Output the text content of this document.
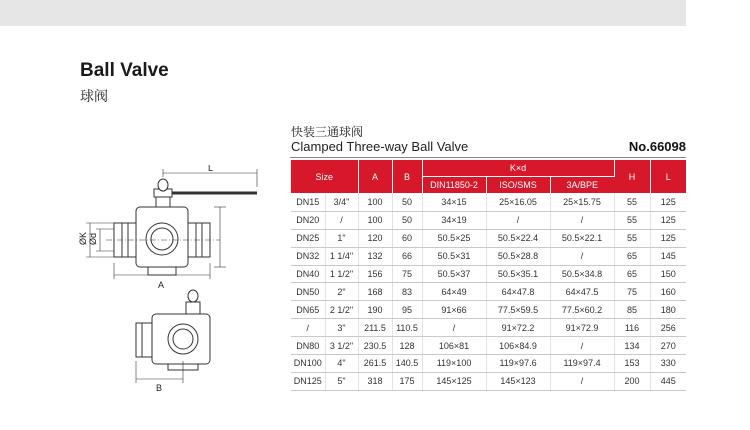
Ball Valve
球阀
快装三通球阀
Clamped Three-way Ball Valve	No.66098
L
A
B
ØK Ød
Size		A	B	K×d			H	L
				DIN11850-2	ISO/SMS	3A/BPE		
DN15	3/4"	100	50	34×15	25×16.05	25×15.75	55	125
DN20	/	100	50	34×19	/	/	55	125
DN25	1"	120	60	50.5×25	50.5×22.4	50.5×22.1	55	125
DN32	1 1/4"	132	66	50.5×31	50.5×28.8	/	65	145
DN40	1 1/2"	156	75	50.5×37	50.5×35.1	50.5×34.8	65	150
DN50	2"	168	83	64×49	64×47.8	64×47.5	75	160
DN65	2 1/2"	190	95	91×66	77.5×59.5	77.5×60.2	85	180
/	3"	211.5	110.5	/	91×72.2	91×72.9	116	256
DN80	3 1/2"	230.5	128	106×81	106×84.9	/	134	270
DN100	4"	261.5	140.5	119×100	119×97.6	119×97.4	153	330
DN125	5"	318	175	145×125	145×123	/	200	445
